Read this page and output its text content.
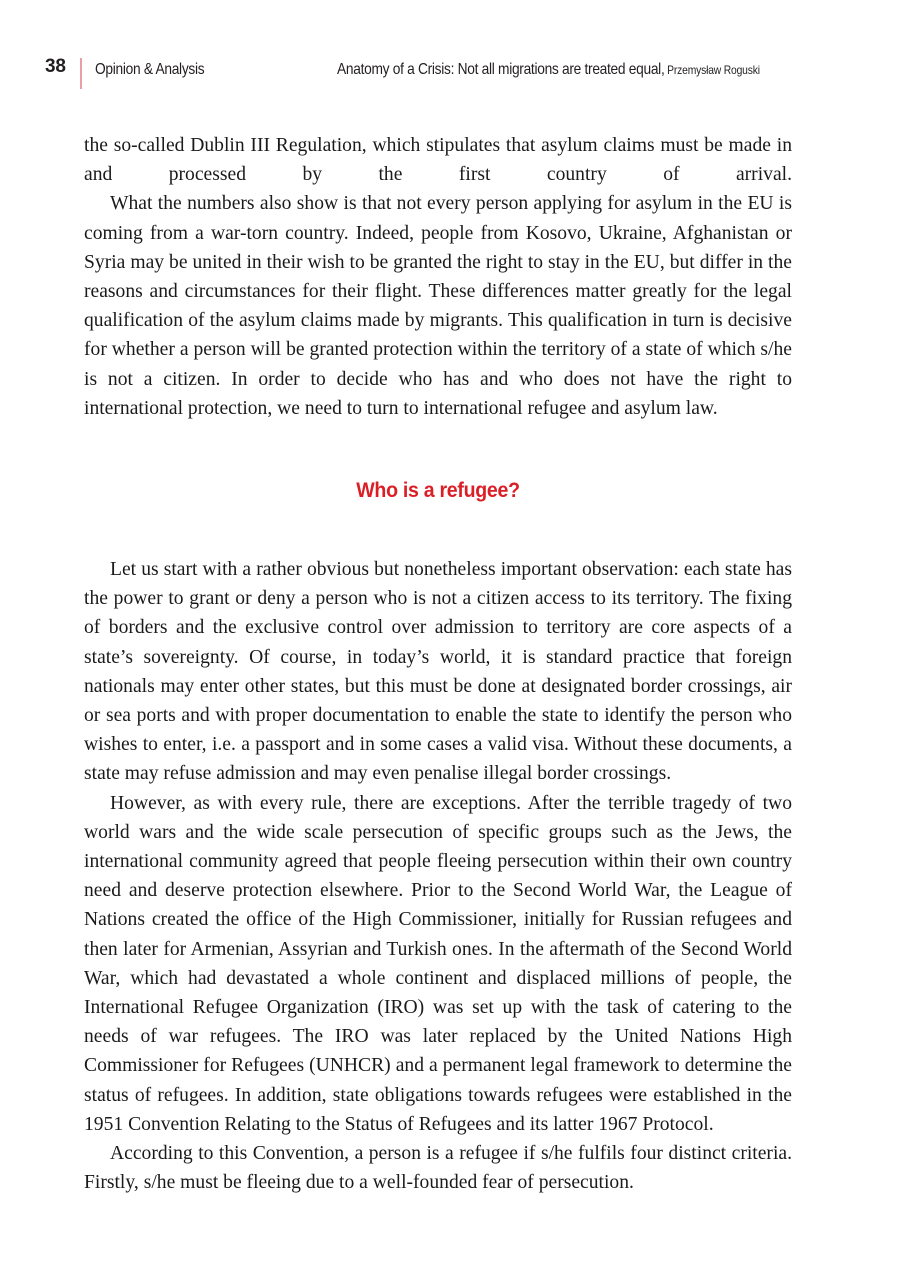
38	Opinion & Analysis	Anatomy of a Crisis: Not all migrations are treated equal, Przemysław Roguski

the so-called Dublin III Regulation, which stipulates that asylum claims must be made in and processed by the first country of arrival.

What the numbers also show is that not every person applying for asylum in the EU is coming from a war-torn country. Indeed, people from Kosovo, Ukraine, Afghanistan or Syria may be united in their wish to be granted the right to stay in the EU, but differ in the reasons and circumstances for their flight. These differences matter greatly for the legal qualification of the asylum claims made by migrants. This qualification in turn is decisive for whether a person will be granted protection within the territory of a state of which s/he is not a citizen. In order to decide who has and who does not have the right to international protection, we need to turn to international refugee and asylum law.

Who is a refugee?

Let us start with a rather obvious but nonetheless important observation: each state has the power to grant or deny a person who is not a citizen access to its territory. The fixing of borders and the exclusive control over admission to territory are core aspects of a state’s sovereignty. Of course, in today’s world, it is standard practice that foreign nationals may enter other states, but this must be done at designated border crossings, air or sea ports and with proper documentation to enable the state to identify the person who wishes to enter, i.e. a passport and in some cases a valid visa. Without these documents, a state may refuse admission and may even penalise illegal border crossings.

However, as with every rule, there are exceptions. After the terrible tragedy of two world wars and the wide scale persecution of specific groups such as the Jews, the international community agreed that people fleeing persecution within their own country need and deserve protection elsewhere. Prior to the Second World War, the League of Nations created the office of the High Commissioner, initially for Russian refugees and then later for Armenian, Assyrian and Turkish ones. In the aftermath of the Second World War, which had devastated a whole continent and displaced millions of people, the International Refugee Organization (IRO) was set up with the task of catering to the needs of war refugees. The IRO was later replaced by the United Nations High Commissioner for Refugees (UNHCR) and a permanent legal framework to determine the status of refugees. In addition, state obligations towards refugees were established in the 1951 Convention Relating to the Status of Refugees and its latter 1967 Protocol.

According to this Convention, a person is a refugee if s/he fulfils four distinct criteria. Firstly, s/he must be fleeing due to a well-founded fear of persecution.
